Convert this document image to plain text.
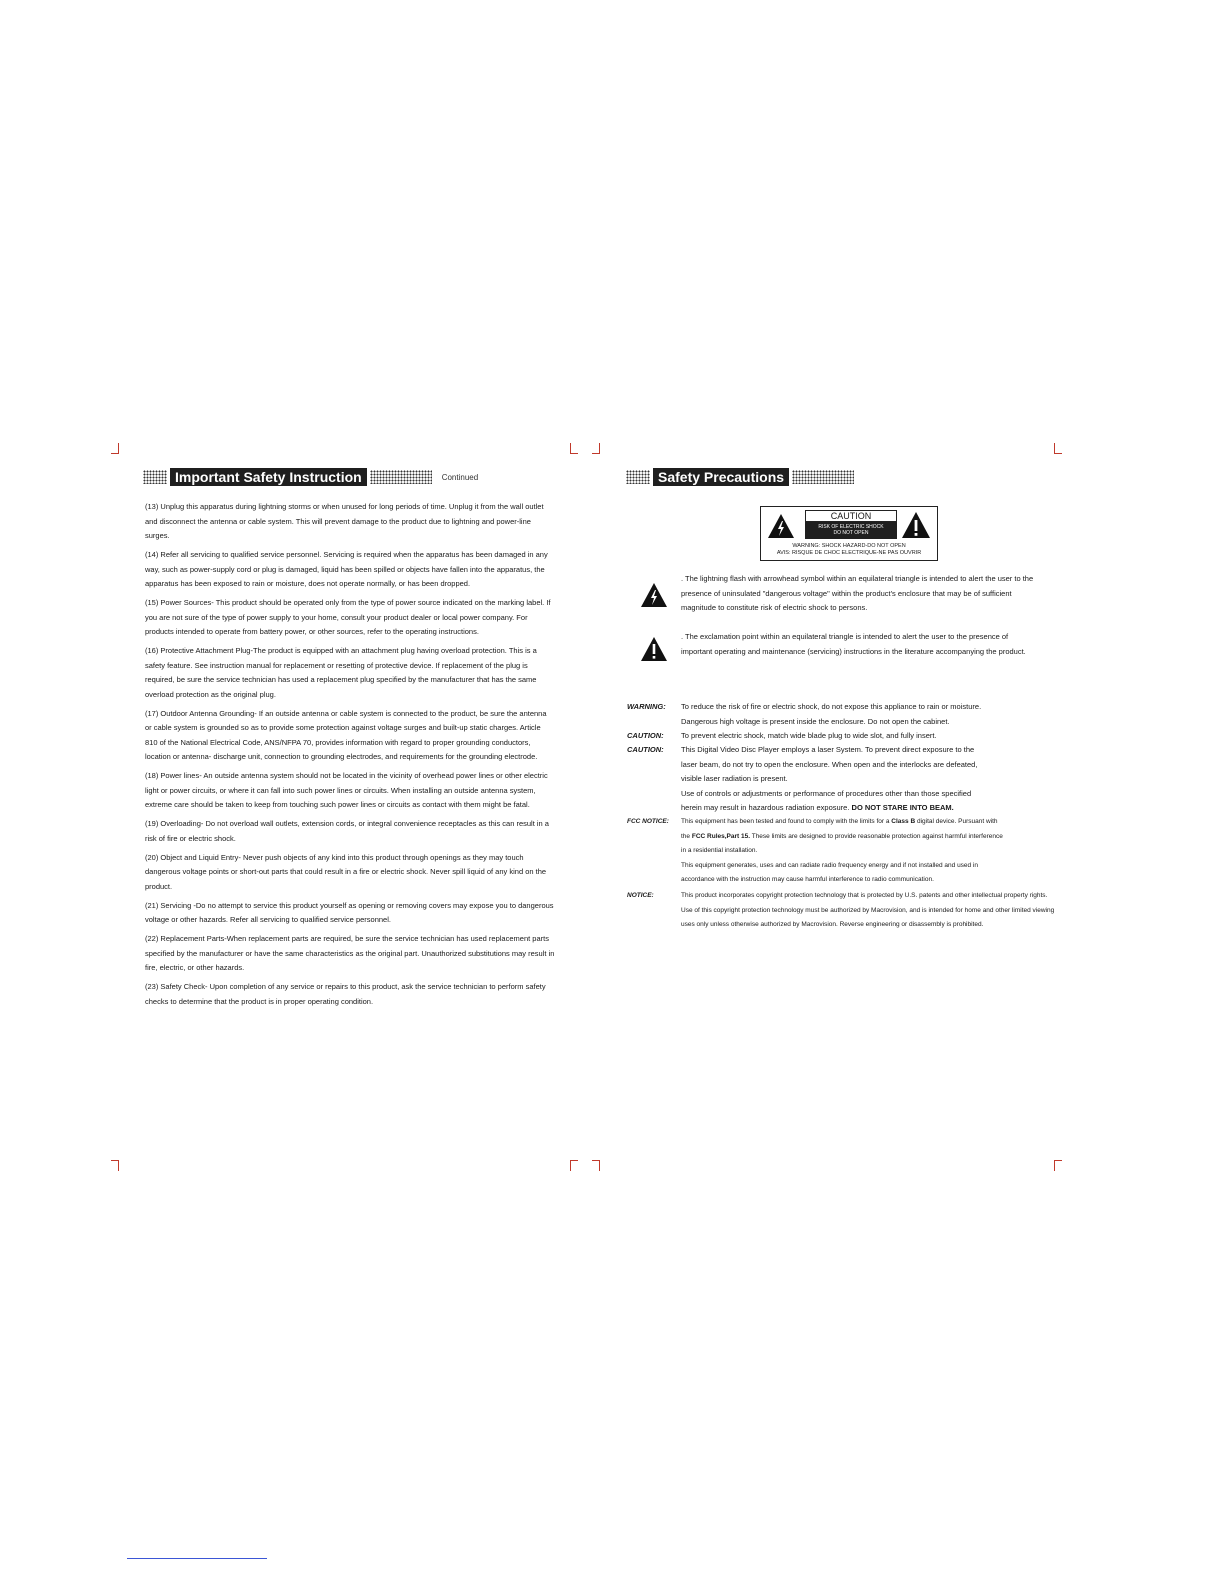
Important Safety Instruction	Continued

(13) Unplug this apparatus during lightning storms or when unused for long periods of time. Unplug it from the wall outlet and disconnect the antenna or cable system. This will prevent damage to the product due to lightning and power-line surges.

(14) Refer all servicing to qualified service personnel. Servicing is required when the apparatus has been damaged in any way, such as power-supply cord or plug is damaged, liquid has been spilled or objects have fallen into the apparatus, the apparatus has been exposed to rain or moisture, does not operate normally, or has been dropped.

(15) Power Sources- This product should be operated only from the type of power source indicated on the marking label. If you are not sure of the type of power supply to your home, consult your product dealer or local power company. For products intended to operate from battery power, or other sources, refer to the operating instructions.

(16) Protective Attachment Plug-The product is equipped with an attachment plug having overload protection. This is a safety feature. See instruction manual for replacement or resetting of protective device. If replacement of the plug is required, be sure the service technician has used a replacement plug specified by the manufacturer that has the same overload protection as the original plug.

(17) Outdoor Antenna Grounding- If an outside antenna or cable system is connected to the product, be sure the antenna or cable system is grounded so as to provide some protection against voltage surges and built-up static charges. Article 810 of the National Electrical Code, ANS/NFPA 70, provides information with regard to proper grounding conductors, location or antenna- discharge unit, connection to grounding electrodes, and requirements for the grounding electrode.

(18) Power lines- An outside antenna system should not be located in the vicinity of overhead power lines or other electric light or power circuits, or where it can fall into such power lines or circuits. When installing an outside antenna system, extreme care should be taken to keep from touching such power lines or circuits as contact with them might be fatal.

(19) Overloading- Do not overload wall outlets, extension cords, or integral convenience receptacles as this can result in a risk of fire or electric shock.

(20) Object and Liquid Entry- Never push objects of any kind into this product through openings as they may touch dangerous voltage points or short-out parts that could result in a fire or electric shock. Never spill liquid of any kind on the product.

(21) Servicing -Do no attempt to service this product yourself as opening or removing covers may expose you to dangerous voltage or other hazards. Refer all servicing to qualified service personnel.

(22) Replacement Parts-When replacement parts are required, be sure the service technician has used replacement parts specified by the manufacturer or have the same characteristics as the original part. Unauthorized substitutions may result in fire, electric, or other hazards.

(23) Safety Check- Upon completion of any service or repairs to this product, ask the service technician to perform safety checks to determine that the product is in proper operating condition.

Safety Precautions
CAUTION
RISK OF ELECTRIC SHOCK
DO NOT OPEN
WARNING: SHOCK HAZARD-DO NOT OPEN
AVIS: RISQUE DE CHOC ELECTRIQUE-NE PAS OUVRIR
. The lightning flash with arrowhead symbol within an equilateral triangle is intended to alert the user to the presence of uninsulated "dangerous voltage" within the product's enclosure that may be of sufficient magnitude to constitute risk of electric shock to persons.
. The exclamation point within an equilateral triangle is intended to alert the user to the presence of important operating and maintenance (servicing) instructions in the literature accompanying the product.
WARNING:	To reduce the risk of fire or electric shock, do not expose this appliance to rain or moisture.
Dangerous high voltage is present inside the enclosure. Do not open the cabinet.
CAUTION:	To prevent electric shock, match wide blade plug to wide slot, and fully insert.
CAUTION:	This Digital Video Disc Player employs a laser System. To prevent direct exposure to the
laser beam, do not try to open the enclosure. When open and the interlocks are defeated,
visible laser radiation is present.
Use of controls or adjustments or performance of procedures other than those specified
herein may result in hazardous radiation exposure. DO NOT STARE INTO BEAM.
FCC NOTICE:	This equipment has been tested and found to comply with the limits for a Class B digital device. Pursuant with
the FCC Rules,Part 15. These limits are designed to provide reasonable protection against harmful interference
in a residential installation.
This equipment generates, uses and can radiate radio frequency energy and if not installed and used in
accordance with the instruction may cause harmful interference to radio communication.
NOTICE:	This product incorporates copyright protection technology that is protected by U.S. patents and other intellectual property rights. Use of this copyright protection technology must be authorized by Macrovision, and is intended for home and other limited viewing uses only unless otherwise authorized by Macrovision. Reverse engineering or disassembly is prohibited.
